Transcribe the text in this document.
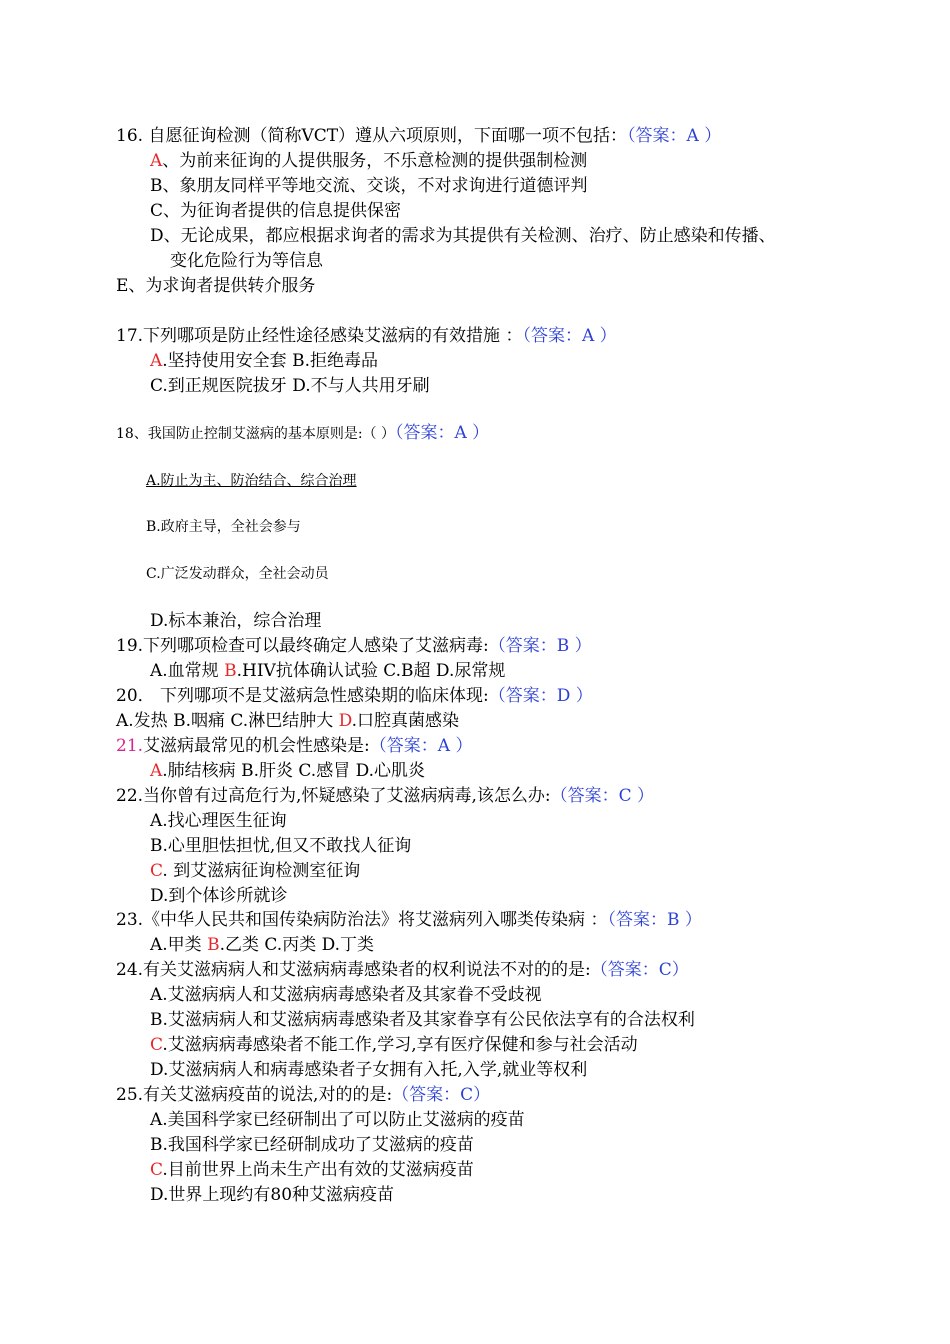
16. 自愿征询检测（简称VCT）遵从六项原则，下面哪一项不包括：（答案：A ）
A、为前来征询的人提供服务，不乐意检测的提供强制检测
B、象朋友同样平等地交流、交谈，不对求询进行道德评判
C、为征询者提供的信息提供保密
D、无论成果，都应根据求询者的需求为其提供有关检测、治疗、防止感染和传播、
变化危险行为等信息
E、为求询者提供转介服务
17.下列哪项是防止经性途径感染艾滋病的有效措施 ：（答案：A ）
A.坚持使用安全套 B.拒绝毒品
C.到正规医院拔牙 D.不与人共用牙刷
18、我国防止控制艾滋病的基本原则是:（ ）（答案：A ）
A.防止为主、防治结合、综合治理
B.政府主导，全社会参与
C.广泛发动群众，全社会动员
D.标本兼治，综合治理
19.下列哪项检查可以最终确定人感染了艾滋病毒:（答案：B ）
A.血常规 B.HIV抗体确认试验 C.B超 D.尿常规
20． 下列哪项不是艾滋病急性感染期的临床体现:（答案：D ）
A.发热 B.咽痛 C.淋巴结肿大 D.口腔真菌感染
21.艾滋病最常见的机会性感染是:（答案：A ）
A.肺结核病 B.肝炎 C.感冒 D.心肌炎
22.当你曾有过高危行为,怀疑感染了艾滋病病毒,该怎么办:（答案：C ）
A.找心理医生征询
B.心里胆怯担忧,但又不敢找人征询
C. 到艾滋病征询检测室征询
D.到个体诊所就诊
23.《中华人民共和国传染病防治法》将艾滋病列入哪类传染病 ：（答案：B ）
A.甲类 B.乙类 C.丙类 D.丁类
24.有关艾滋病病人和艾滋病病毒感染者的权利说法不对的的是:（答案：C）
A.艾滋病病人和艾滋病病毒感染者及其家眷不受歧视
B.艾滋病病人和艾滋病病毒感染者及其家眷享有公民依法享有的合法权利
C.艾滋病病毒感染者不能工作,学习,享有医疗保健和参与社会活动
D.艾滋病病人和病毒感染者子女拥有入托,入学,就业等权利
25.有关艾滋病疫苗的说法,对的的是:（答案：C）
A.美国科学家已经研制出了可以防止艾滋病的疫苗
B.我国科学家已经研制成功了艾滋病的疫苗
C.目前世界上尚未生产出有效的艾滋病疫苗
D.世界上现约有80种艾滋病疫苗
